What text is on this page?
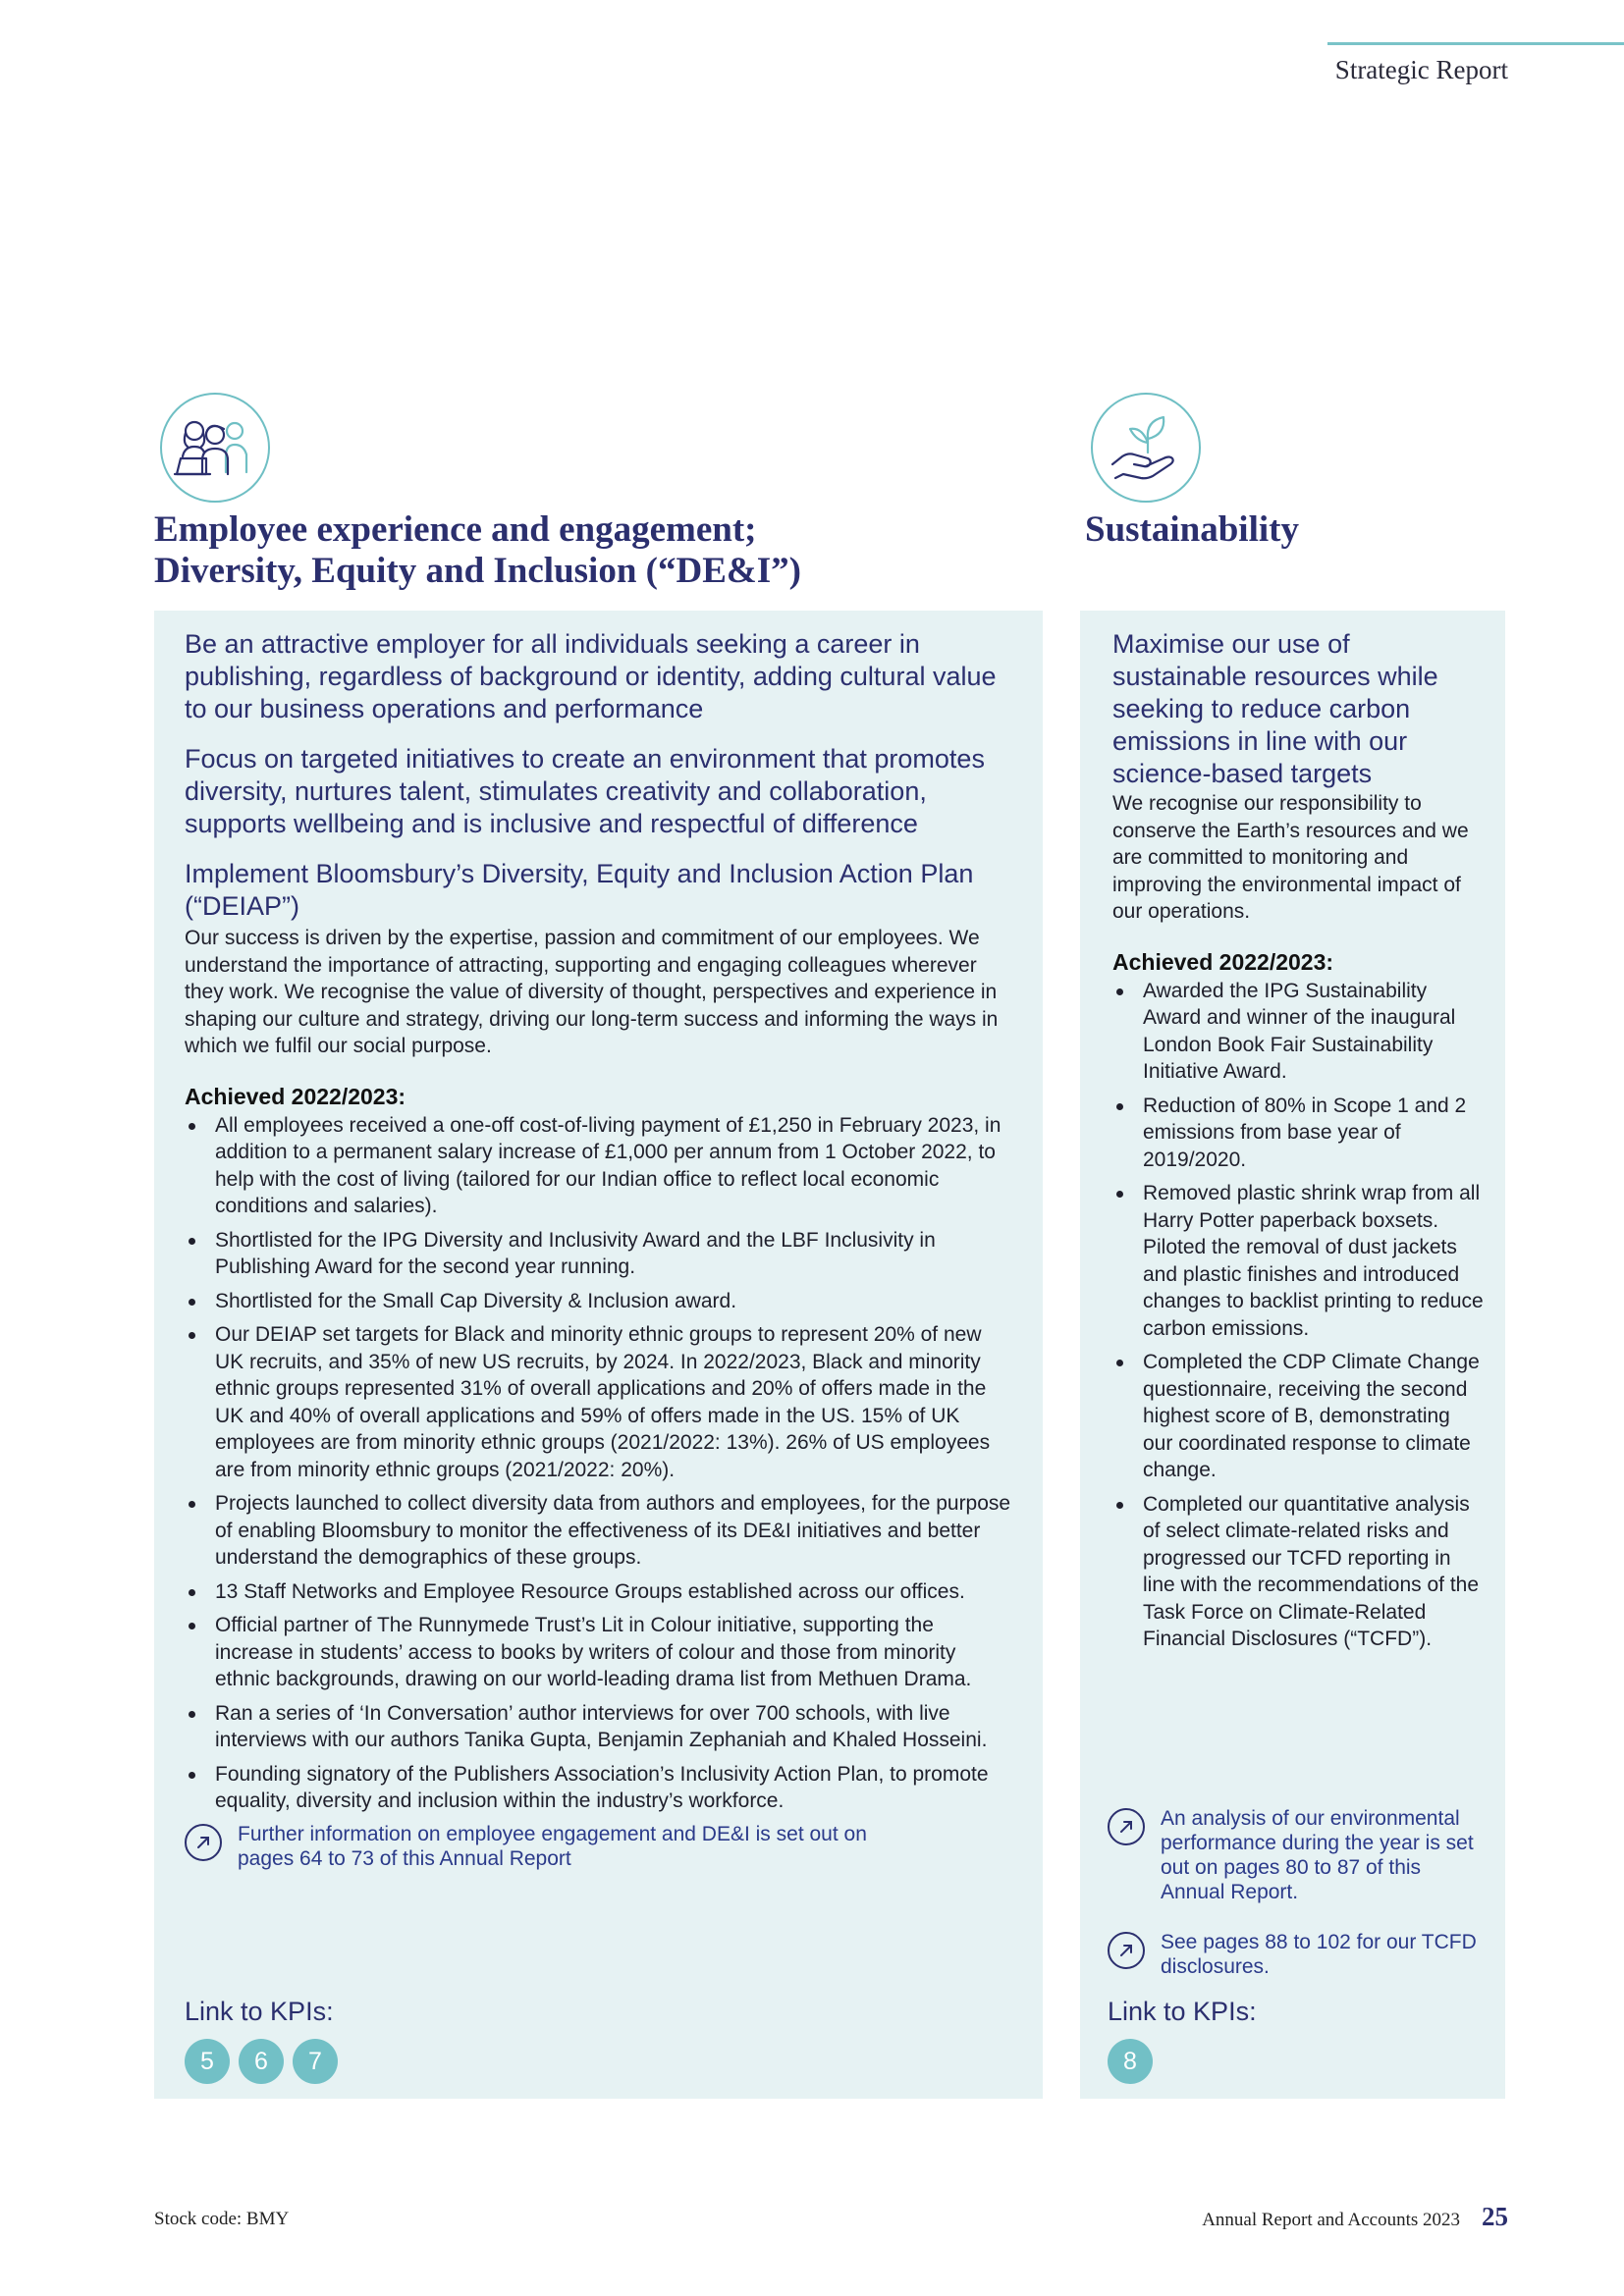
Strategic Report
Employee experience and engagement;
Diversity, Equity and Inclusion (“DE&I”)
Sustainability

Be an attractive employer for all individuals seeking a career in publishing, regardless of background or identity, adding cultural value to our business operations and performance

Focus on targeted initiatives to create an environment that promotes diversity, nurtures talent, stimulates creativity and collaboration, supports wellbeing and is inclusive and respectful of difference

Implement Bloomsbury’s Diversity, Equity and Inclusion Action Plan (“DEIAP”)

Our success is driven by the expertise, passion and commitment of our employees. We understand the importance of attracting, supporting and engaging colleagues wherever they work. We recognise the value of diversity of thought, perspectives and experience in shaping our culture and strategy, driving our long-term success and informing the ways in which we fulfil our social purpose.

Achieved 2022/2023:

All employees received a one-off cost-of-living payment of £1,250 in February 2023, in addition to a permanent salary increase of £1,000 per annum from 1 October 2022, to help with the cost of living (tailored for our Indian office to reflect local economic conditions and salaries).
Shortlisted for the IPG Diversity and Inclusivity Award and the LBF Inclusivity in Publishing Award for the second year running.
Shortlisted for the Small Cap Diversity & Inclusion award.
Our DEIAP set targets for Black and minority ethnic groups to represent 20% of new UK recruits, and 35% of new US recruits, by 2024. In 2022/2023, Black and minority ethnic groups represented 31% of overall applications and 20% of offers made in the UK and 40% of overall applications and 59% of offers made in the US. 15% of UK employees are from minority ethnic groups (2021/2022: 13%). 26% of US employees are from minority ethnic groups (2021/2022: 20%).
Projects launched to collect diversity data from authors and employees, for the purpose of enabling Bloomsbury to monitor the effectiveness of its DE&I initiatives and better understand the demographics of these groups.
13 Staff Networks and Employee Resource Groups established across our offices.
Official partner of The Runnymede Trust’s Lit in Colour initiative, supporting the increase in students’ access to books by writers of colour and those from minority ethnic backgrounds, drawing on our world-leading drama list from Methuen Drama.
Ran a series of ‘In Conversation’ author interviews for over 700 schools, with live interviews with our authors Tanika Gupta, Benjamin Zephaniah and Khaled Hosseini.
Founding signatory of the Publishers Association’s Inclusivity Action Plan, to promote equality, diversity and inclusion within the industry’s workforce.
Further information on employee engagement and DE&I is set out on pages 64 to 73 of this Annual Report

Link to KPIs:

5	6	7

Maximise our use of sustainable resources while seeking to reduce carbon emissions in line with our science-based targets

We recognise our responsibility to conserve the Earth’s resources and we are committed to monitoring and improving the environmental impact of our operations.

Achieved 2022/2023:

Awarded the IPG Sustainability Award and winner of the inaugural London Book Fair Sustainability Initiative Award.
Reduction of 80% in Scope 1 and 2 emissions from base year of 2019/2020.
Removed plastic shrink wrap from all Harry Potter paperback boxsets. Piloted the removal of dust jackets and plastic finishes and introduced changes to backlist printing to reduce carbon emissions.
Completed the CDP Climate Change questionnaire, receiving the second highest score of B, demonstrating our coordinated response to climate change.
Completed our quantitative analysis of select climate-related risks and progressed our TCFD reporting in line with the recommendations of the Task Force on Climate-Related Financial Disclosures (“TCFD”).
An analysis of our environmental performance during the year is set out on pages 80 to 87 of this Annual Report.
See pages 88 to 102 for our TCFD disclosures.

Link to KPIs:

8
Stock code: BMY	Annual Report and Accounts 2023 25
